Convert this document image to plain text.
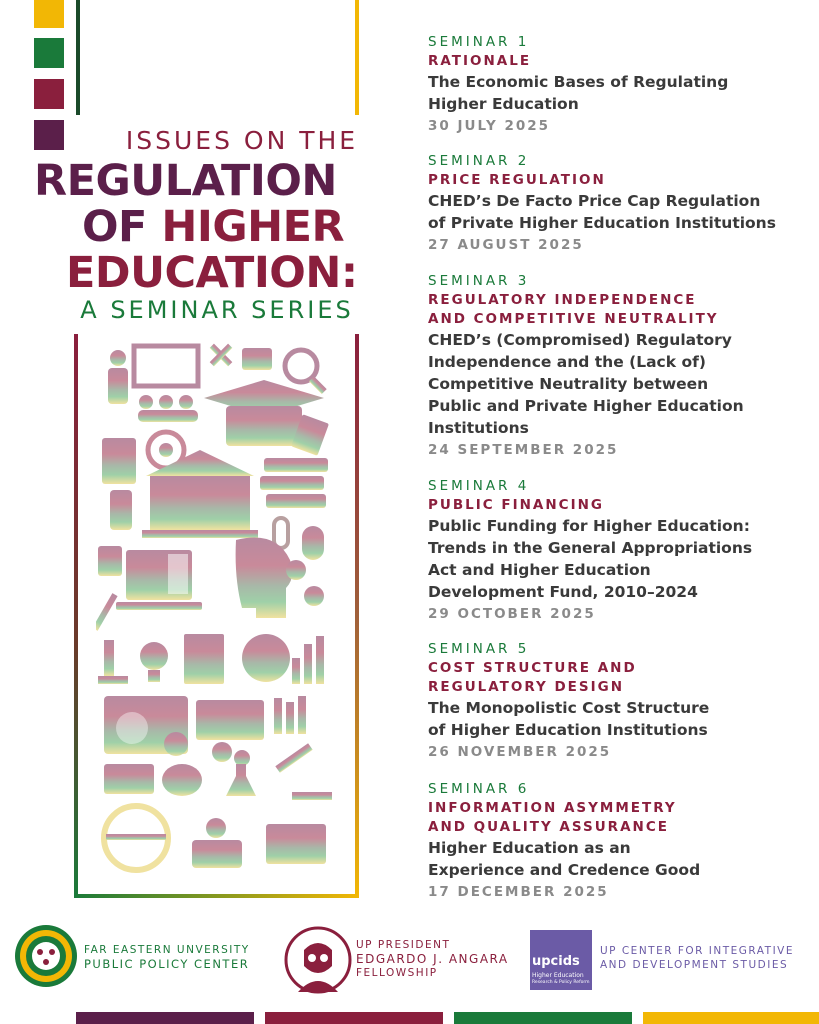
ISSUES ON THE
REGULATION
OF HIGHER
EDUCATION:
A SEMINAR SERIES
SEMINAR 1
RATIONALE
The Economic Bases of Regulating
Higher Education
30 JULY 2025
SEMINAR 2
PRICE REGULATION
CHED’s De Facto Price Cap Regulation
of Private Higher Education Institutions
27 AUGUST 2025
SEMINAR 3
REGULATORY INDEPENDENCE
AND COMPETITIVE NEUTRALITY
CHED’s (Compromised) Regulatory
Independence and the (Lack of)
Competitive Neutrality between
Public and Private Higher Education
Institutions
24 SEPTEMBER 2025
SEMINAR 4
PUBLIC FINANCING
Public Funding for Higher Education:
Trends in the General Appropriations
Act and Higher Education
Development Fund, 2010–2024
29 OCTOBER 2025
SEMINAR 5
COST STRUCTURE AND
REGULATORY DESIGN
The Monopolistic Cost Structure
of Higher Education Institutions
26 NOVEMBER 2025
SEMINAR 6
INFORMATION ASYMMETRY
AND QUALITY ASSURANCE
Higher Education as an
Experience and Credence Good
17 DECEMBER 2025
FAR EASTERN UNVERSITY
PUBLIC POLICY CENTER
UP PRESIDENT
EDGARDO J. ANGARA
FELLOWSHIP
upcids
Higher Education
Research & Policy Reform
UP CENTER FOR INTEGRATIVE
AND DEVELOPMENT STUDIES
